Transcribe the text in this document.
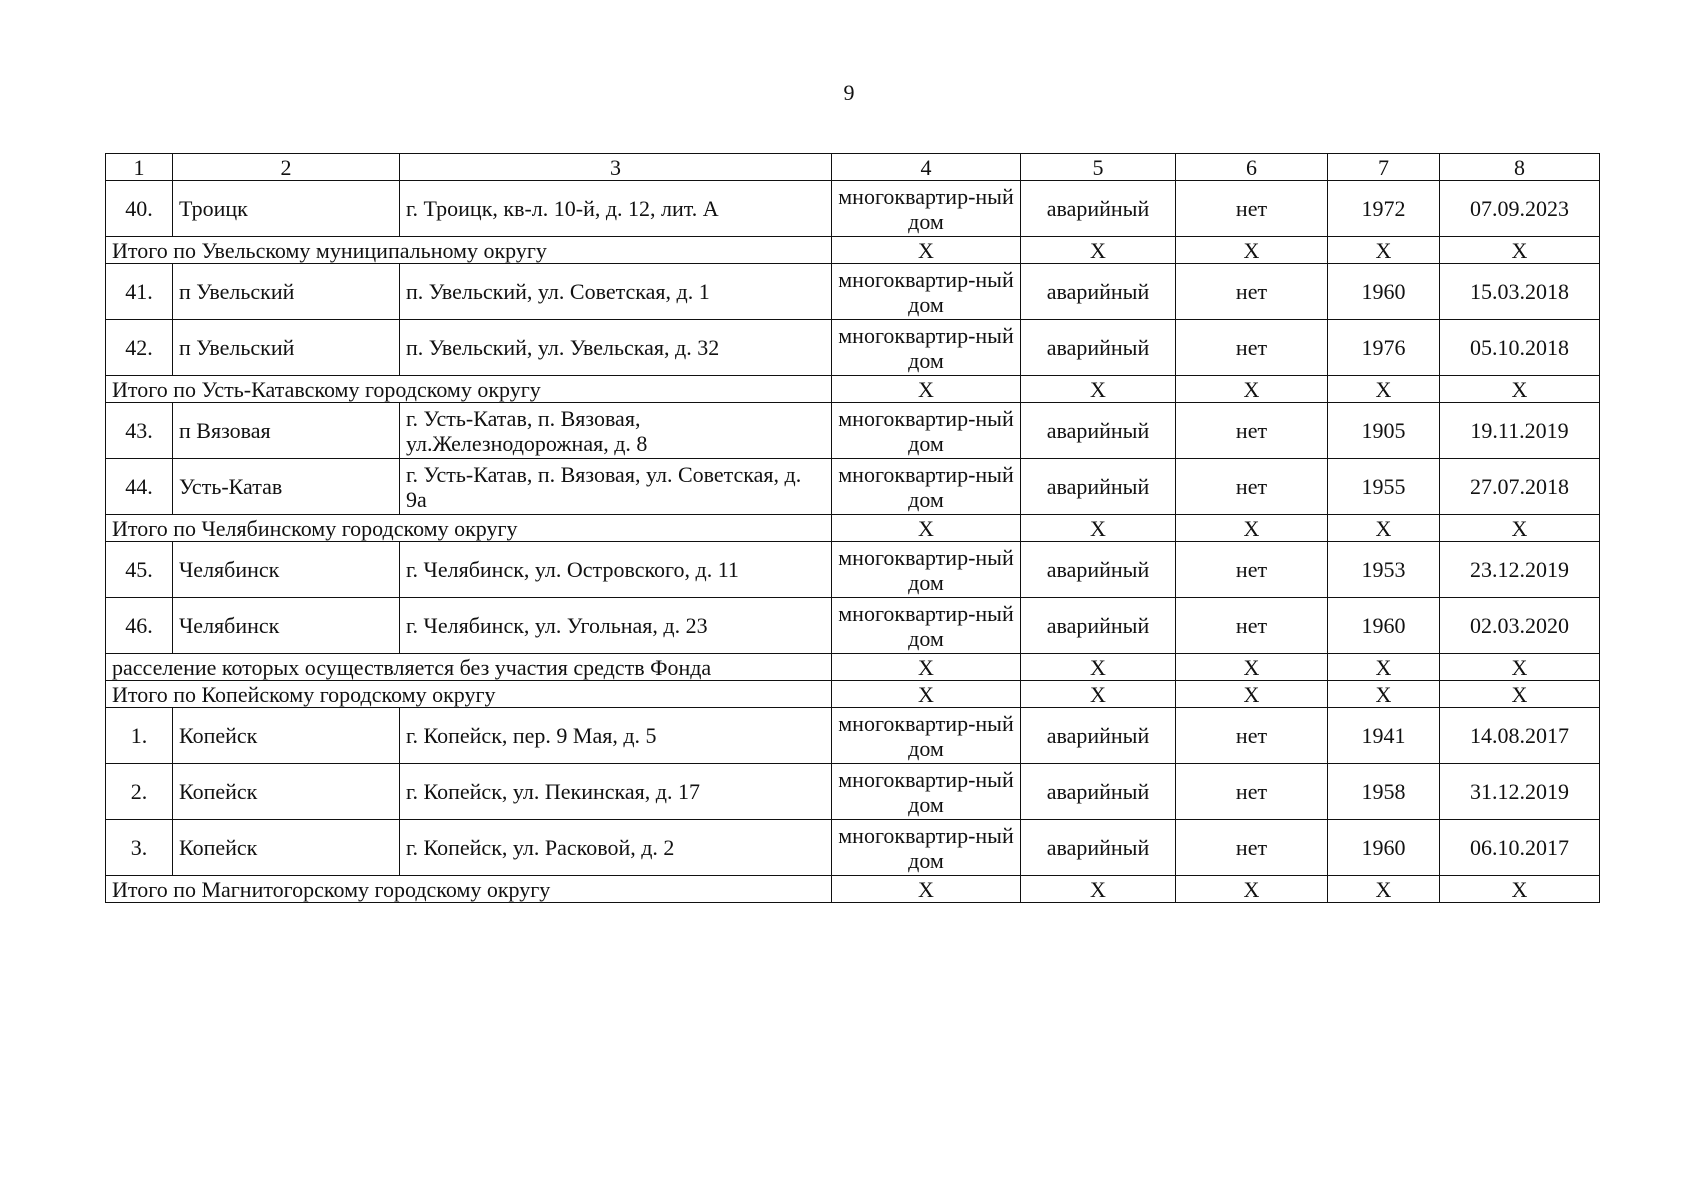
9
1	2	3	4	5	6	7	8
40.	Троицк	г. Троицк, кв-л. 10-й, д. 12, лит. А	многоквартир-ный дом	аварийный	нет	1972	07.09.2023
Итого по Увельскому муниципальному округу			X	X	X	X	X
41.	п Увельский	п. Увельский, ул. Советская, д. 1	многоквартир-ный дом	аварийный	нет	1960	15.03.2018
42.	п Увельский	п. Увельский, ул. Увельская, д. 32	многоквартир-ный дом	аварийный	нет	1976	05.10.2018
Итого по Усть-Катавскому городскому округу			X	X	X	X	X
43.	п Вязовая	г. Усть-Катав, п. Вязовая, ул.Железнодорожная, д. 8	многоквартир-ный дом	аварийный	нет	1905	19.11.2019
44.	Усть-Катав	г. Усть-Катав, п. Вязовая, ул. Советская, д. 9а	многоквартир-ный дом	аварийный	нет	1955	27.07.2018
Итого по Челябинскому городскому округу			X	X	X	X	X
45.	Челябинск	г. Челябинск, ул. Островского, д. 11	многоквартир-ный дом	аварийный	нет	1953	23.12.2019
46.	Челябинск	г. Челябинск, ул. Угольная, д. 23	многоквартир-ный дом	аварийный	нет	1960	02.03.2020
расселение которых осуществляется без участия средств Фонда			X	X	X	X	X
Итого по Копейскому городскому округу			X	X	X	X	X
1.	Копейск	г. Копейск, пер. 9 Мая, д. 5	многоквартир-ный дом	аварийный	нет	1941	14.08.2017
2.	Копейск	г. Копейск, ул. Пекинская, д. 17	многоквартир-ный дом	аварийный	нет	1958	31.12.2019
3.	Копейск	г. Копейск, ул. Расковой, д. 2	многоквартир-ный дом	аварийный	нет	1960	06.10.2017
Итого по Магнитогорскому городскому округу			X	X	X	X	X
